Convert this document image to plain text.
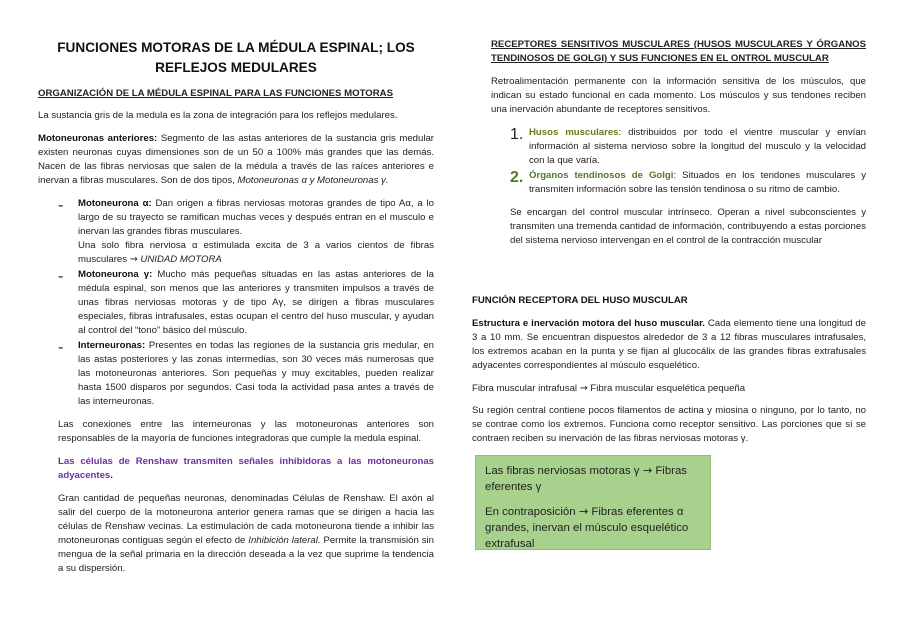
FUNCIONES MOTORAS DE LA MÉDULA ESPINAL; LOS REFLEJOS MEDULARES
ORGANIZACIÓN DE LA MÉDULA ESPINAL PARA LAS FUNCIONES MOTORAS

La sustancia gris de la medula es la zona de integración para los reflejos medulares.

Motoneuronas anteriores: Segmento de las astas anteriores de la sustancia gris medular existen neuronas cuyas dimensiones son de un 50 a 100% más grandes que las demás. Nacen de las fibras nerviosas que salen de la médula a través de las raíces anteriores e inervan a fibras musculares. Son de dos tipos, Motoneuronas α y Motoneuronas γ.

- Motoneurona α: Dan origen a fibras nerviosas motoras grandes de tipo Aα, a lo largo de su trayecto se ramifican muchas veces y después entran en el musculo e inervan las grandes fibras musculares.

Una solo fibra nerviosa α estimulada excita de 3 a varios cientos de fibras musculares → UNIDAD MOTORA

- Motoneurona γ: Mucho más pequeñas situadas en las astas anteriores de la médula espinal, son menos que las anteriores y transmiten impulsos a través de unas fibras nerviosas motoras y de tipo Aγ, se dirigen a fibras musculares especiales, fibras intrafusales, estas ocupan el centro del huso muscular, y ayudan al control del “tono” básico del músculo.

- Interneuronas: Presentes en todas las regiones de la sustancia gris medular, en las astas posteriores y las zonas intermedias, son 30 veces más numerosas que las motoneuronas anteriores. Son pequeñas y muy excitables, pueden realizar hasta 1500 disparos por segundos. Casi toda la actividad pasa antes a través de las interneuronas.

Las conexiones entre las interneuronas y las motoneuronas anteriores son responsables de la mayoría de funciones integradoras que cumple la medula espinal.

Las células de Renshaw transmiten señales inhibidoras a las motoneuronas adyacentes.

Gran cantidad de pequeñas neuronas, denominadas Células de Renshaw. El axón al salir del cuerpo de la motoneurona anterior genera ramas que se dirigen a hacia las células de Renshaw vecinas. La estimulación de cada motoneurona tiende a inhibir las motoneuronas contiguas según el efecto de Inhibición lateral. Permite la transmisión sin mengua de la señal primaria en la dirección deseada a la vez que suprime la tendencia a su dispersión.

RECEPTORES SENSITIVOS MUSCULARES (HUSOS MUSCULARES Y ÓRGANOS TENDINOSOS DE GOLGI) Y SUS FUNCIONES EN EL ONTROL MUSCULAR

Retroalimentación permanente con la información sensitiva de los músculos, que indican su estado funcional en cada momento. Los músculos y sus tendones reciben una inervación abundante de receptores sensitivos.

1. Husos musculares: distribuidos por todo el vientre muscular y envían información al sistema nervioso sobre la longitud del musculo y la velocidad con la que varía.

2. Órganos tendinosos de Golgi: Situados en los tendones musculares y transmiten información sobre las tensión tendinosa o su ritmo de cambio.

Se encargan del control muscular intrínseco. Operan a nivel subconscientes y transmiten una tremenda cantidad de información, contribuyendo a estas porciones del sistema nervioso intervengan en el control de la contracción muscular

FUNCIÓN RECEPTORA DEL HUSO MUSCULAR

Estructura e inervación motora del huso muscular. Cada elemento tiene una longitud de 3 a 10 mm. Se encuentran dispuestos alrededor de 3 a 12 fibras musculares intrafusales, los extremos acaban en la punta y se fijan al glucocálix de las grandes fibras extrafusales adyacentes correspondientes al músculo esquelético.

Fibra muscular intrafusal → Fibra muscular esquelética pequeña

Su región central contiene pocos filamentos de actina y miosina o ninguno, por lo tanto, no se contrae como los extremos. Funciona como receptor sensitivo. Las porciones que si se contraen reciben su inervación de las fibras nerviosas motoras γ.

Las fibras nerviosas motoras γ → Fibras eferentes γ

En contraposición → Fibras eferentes α grandes, inervan el músculo esquelético extrafusal
